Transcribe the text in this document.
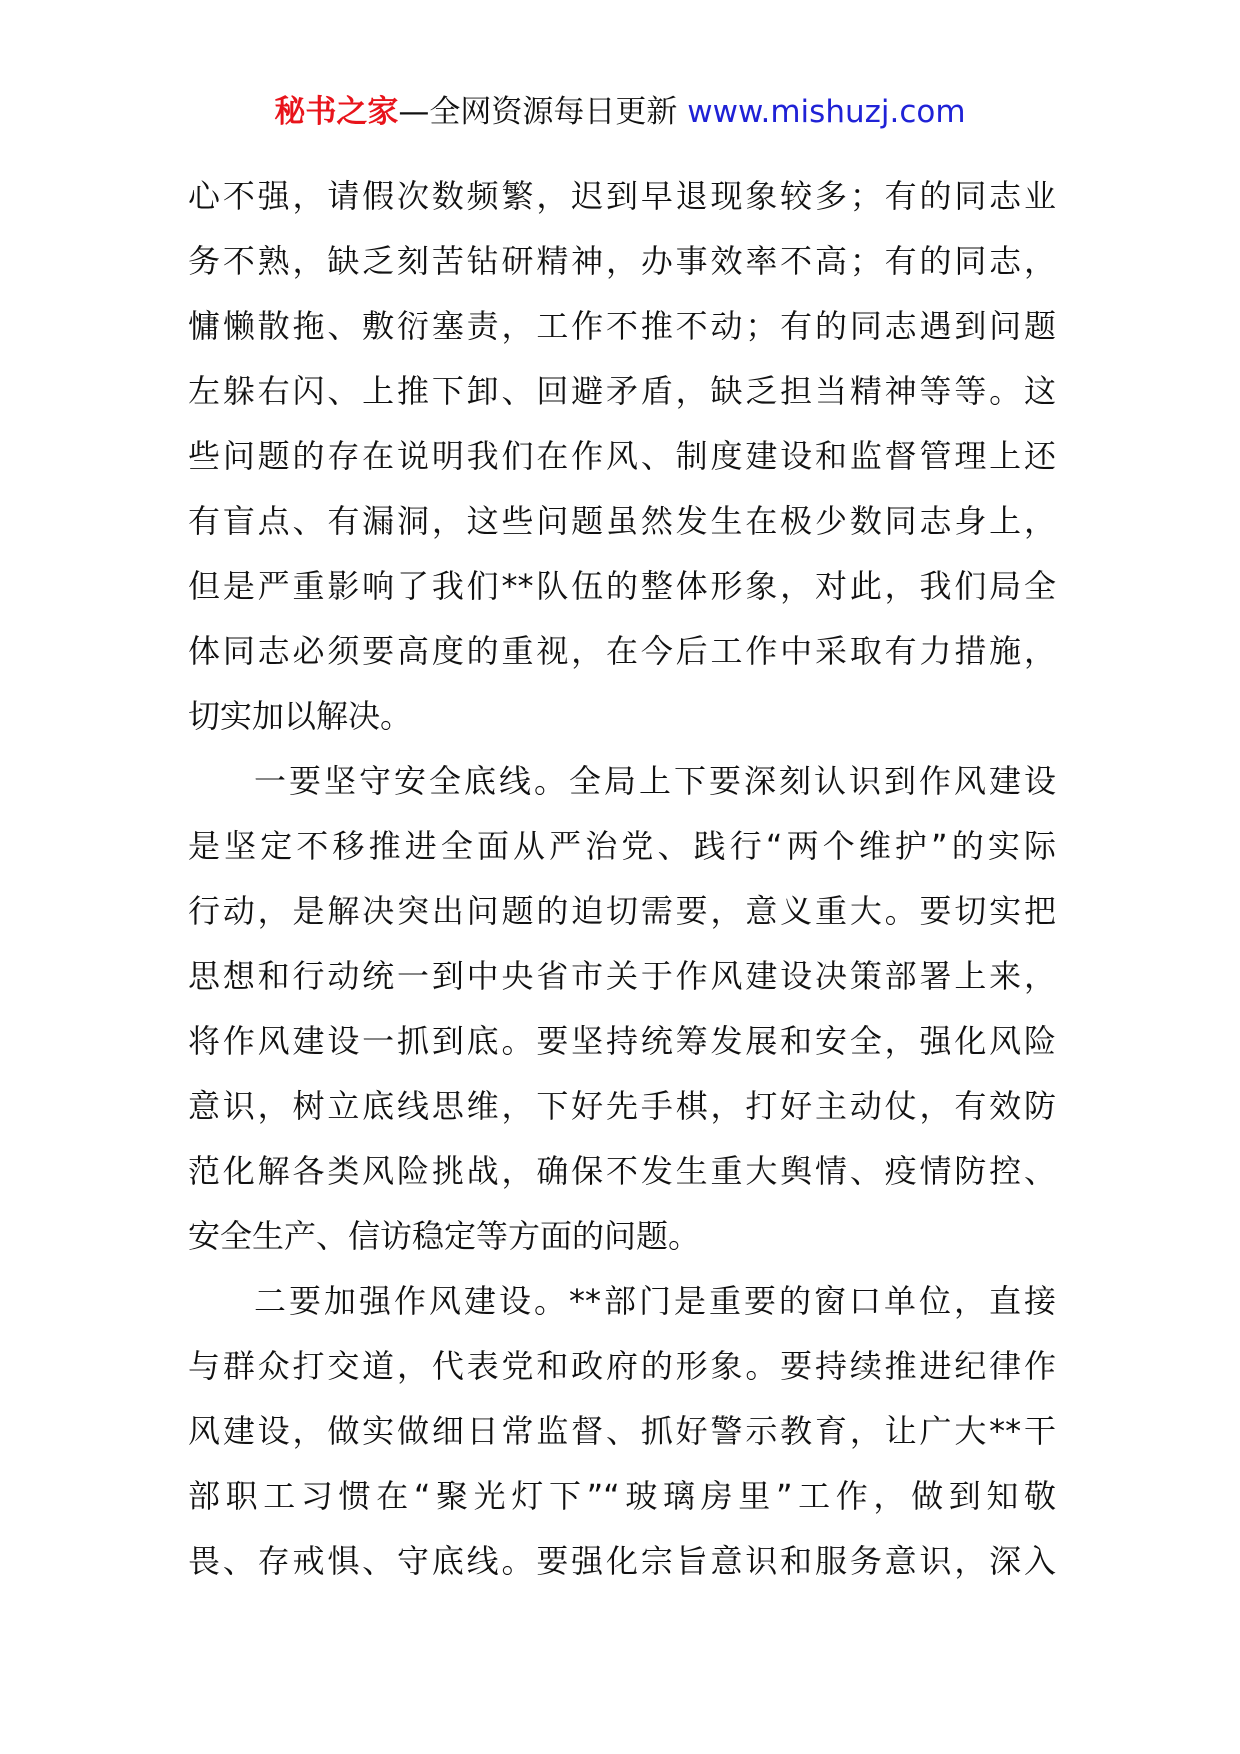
秘书之家—全网资源每日更新 www.mishuzj.com
心不强，请假次数频繁，迟到早退现象较多；有的同志业
务不熟，缺乏刻苦钻研精神，办事效率不高；有的同志，
慵懒散拖、敷衍塞责，工作不推不动；有的同志遇到问题
左躲右闪、上推下卸、回避矛盾，缺乏担当精神等等。这
些问题的存在说明我们在作风、制度建设和监督管理上还
有盲点、有漏洞，这些问题虽然发生在极少数同志身上，
但是严重影响了我们**队伍的整体形象，对此，我们局全
体同志必须要高度的重视，在今后工作中采取有力措施，
切实加以解决。
一要坚守安全底线。全局上下要深刻认识到作风建设
是坚定不移推进全面从严治党、践行“两个维护”的实际
行动，是解决突出问题的迫切需要，意义重大。要切实把
思想和行动统一到中央省市关于作风建设决策部署上来，
将作风建设一抓到底。要坚持统筹发展和安全，强化风险
意识，树立底线思维，下好先手棋，打好主动仗，有效防
范化解各类风险挑战，确保不发生重大舆情、疫情防控、
安全生产、信访稳定等方面的问题。
二要加强作风建设。**部门是重要的窗口单位，直接
与群众打交道，代表党和政府的形象。要持续推进纪律作
风建设，做实做细日常监督、抓好警示教育，让广大**干
部职工习惯在“聚光灯下”“玻璃房里”工作，做到知敬
畏、存戒惧、守底线。要强化宗旨意识和服务意识，深入
